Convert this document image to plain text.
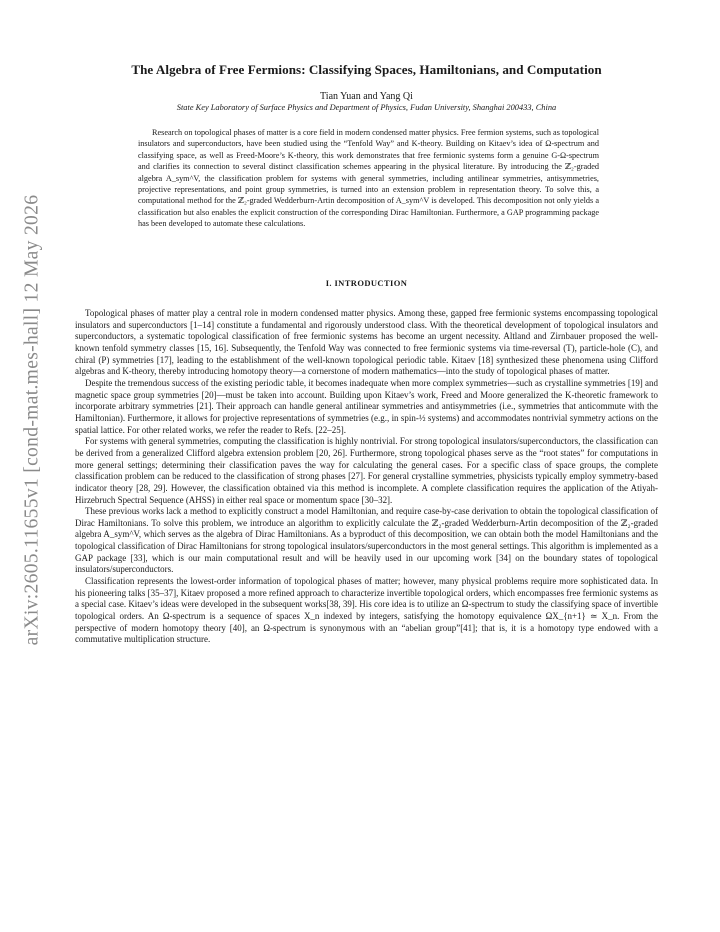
arXiv:2605.11655v1 [cond-mat.mes-hall] 12 May 2026
The Algebra of Free Fermions: Classifying Spaces, Hamiltonians, and Computation
Tian Yuan and Yang Qi
State Key Laboratory of Surface Physics and Department of Physics, Fudan University, Shanghai 200433, China

Research on topological phases of matter is a core field in modern condensed matter physics. Free fermion systems, such as topological insulators and superconductors, have been studied using the “Tenfold Way” and K-theory. Building on Kitaev’s idea of Ω-spectrum and classifying space, as well as Freed-Moore’s K-theory, this work demonstrates that free fermionic systems form a genuine G-Ω-spectrum and clarifies its connection to several distinct classification schemes appearing in the physical literature. By introducing the ℤ₂-graded algebra A_sym^V, the classification problem for systems with general symmetries, including antilinear symmetries, antisymmetries, projective representations, and point group symmetries, is turned into an extension problem in representation theory. To solve this, a computational method for the ℤ₂-graded Wedderburn-Artin decomposition of A_sym^V is developed. This decomposition not only yields a classification but also enables the explicit construction of the corresponding Dirac Hamiltonian. Furthermore, a GAP programming package has been developed to automate these calculations.

I. INTRODUCTION

Topological phases of matter play a central role in modern condensed matter physics. Among these, gapped free fermionic systems encompassing topological insulators and superconductors [1–14] constitute a fundamental and rigorously understood class. With the theoretical development of topological insulators and superconductors, a systematic topological classification of free fermionic systems has become an urgent necessity. Altland and Zirnbauer proposed the well-known tenfold symmetry classes [15, 16]. Subsequently, the Tenfold Way was connected to free fermionic systems via time-reversal (T), particle-hole (C), and chiral (P) symmetries [17], leading to the establishment of the well-known topological periodic table. Kitaev [18] synthesized these phenomena using Clifford algebras and K-theory, thereby introducing homotopy theory—a cornerstone of modern mathematics—into the study of topological phases of matter.

Despite the tremendous success of the existing periodic table, it becomes inadequate when more complex symmetries—such as crystalline symmetries [19] and magnetic space group symmetries [20]—must be taken into account. Building upon Kitaev’s work, Freed and Moore generalized the K-theoretic framework to incorporate arbitrary symmetries [21]. Their approach can handle general antilinear symmetries and antisymmetries (i.e., symmetries that anticommute with the Hamiltonian). Furthermore, it allows for projective representations of symmetries (e.g., in spin-½ systems) and accommodates nontrivial symmetry actions on the spatial lattice. For other related works, we refer the reader to Refs. [22–25].

For systems with general symmetries, computing the classification is highly nontrivial. For strong topological insulators/superconductors, the classification can be derived from a generalized Clifford algebra extension problem [20, 26]. Furthermore, strong topological phases serve as the “root states” for computations in more general settings; determining their classification paves the way for calculating the general cases. For a specific class of space groups, the complete classification problem can be reduced to the classification of strong phases [27]. For general crystalline symmetries, physicists typically employ symmetry-based indicator theory [28, 29]. However, the classification obtained via this method is incomplete. A complete classification requires the application of the Atiyah-Hirzebruch Spectral Sequence (AHSS) in either real space or momentum space [30–32].

These previous works lack a method to explicitly construct a model Hamiltonian, and require case-by-case derivation to obtain the topological classification of Dirac Hamiltonians. To solve this problem, we introduce an algorithm to explicitly calculate the ℤ₂-graded Wedderburn-Artin decomposition of the ℤ₂-graded algebra A_sym^V, which serves as the algebra of Dirac Hamiltonians. As a byproduct of this decomposition, we can obtain both the model Hamiltonians and the topological classification of Dirac Hamiltonians for strong topological insulators/superconductors in the most general settings. This algorithm is implemented as a GAP package [33], which is our main computational result and will be heavily used in our upcoming work [34] on the boundary states of topological insulators/superconductors.

Classification represents the lowest-order information of topological phases of matter; however, many physical problems require more sophisticated data. In his pioneering talks [35–37], Kitaev proposed a more refined approach to characterize invertible topological orders, which encompasses free fermionic systems as a special case. Kitaev’s ideas were developed in the subsequent works[38, 39]. His core idea is to utilize an Ω-spectrum to study the classifying space of invertible topological orders. An Ω-spectrum is a sequence of spaces X_n indexed by integers, satisfying the homotopy equivalence ΩX_{n+1} ≃ X_n. From the perspective of modern homotopy theory [40], an Ω-spectrum is synonymous with an “abelian group”[41]; that is, it is a homotopy type endowed with a commutative multiplication structure.
